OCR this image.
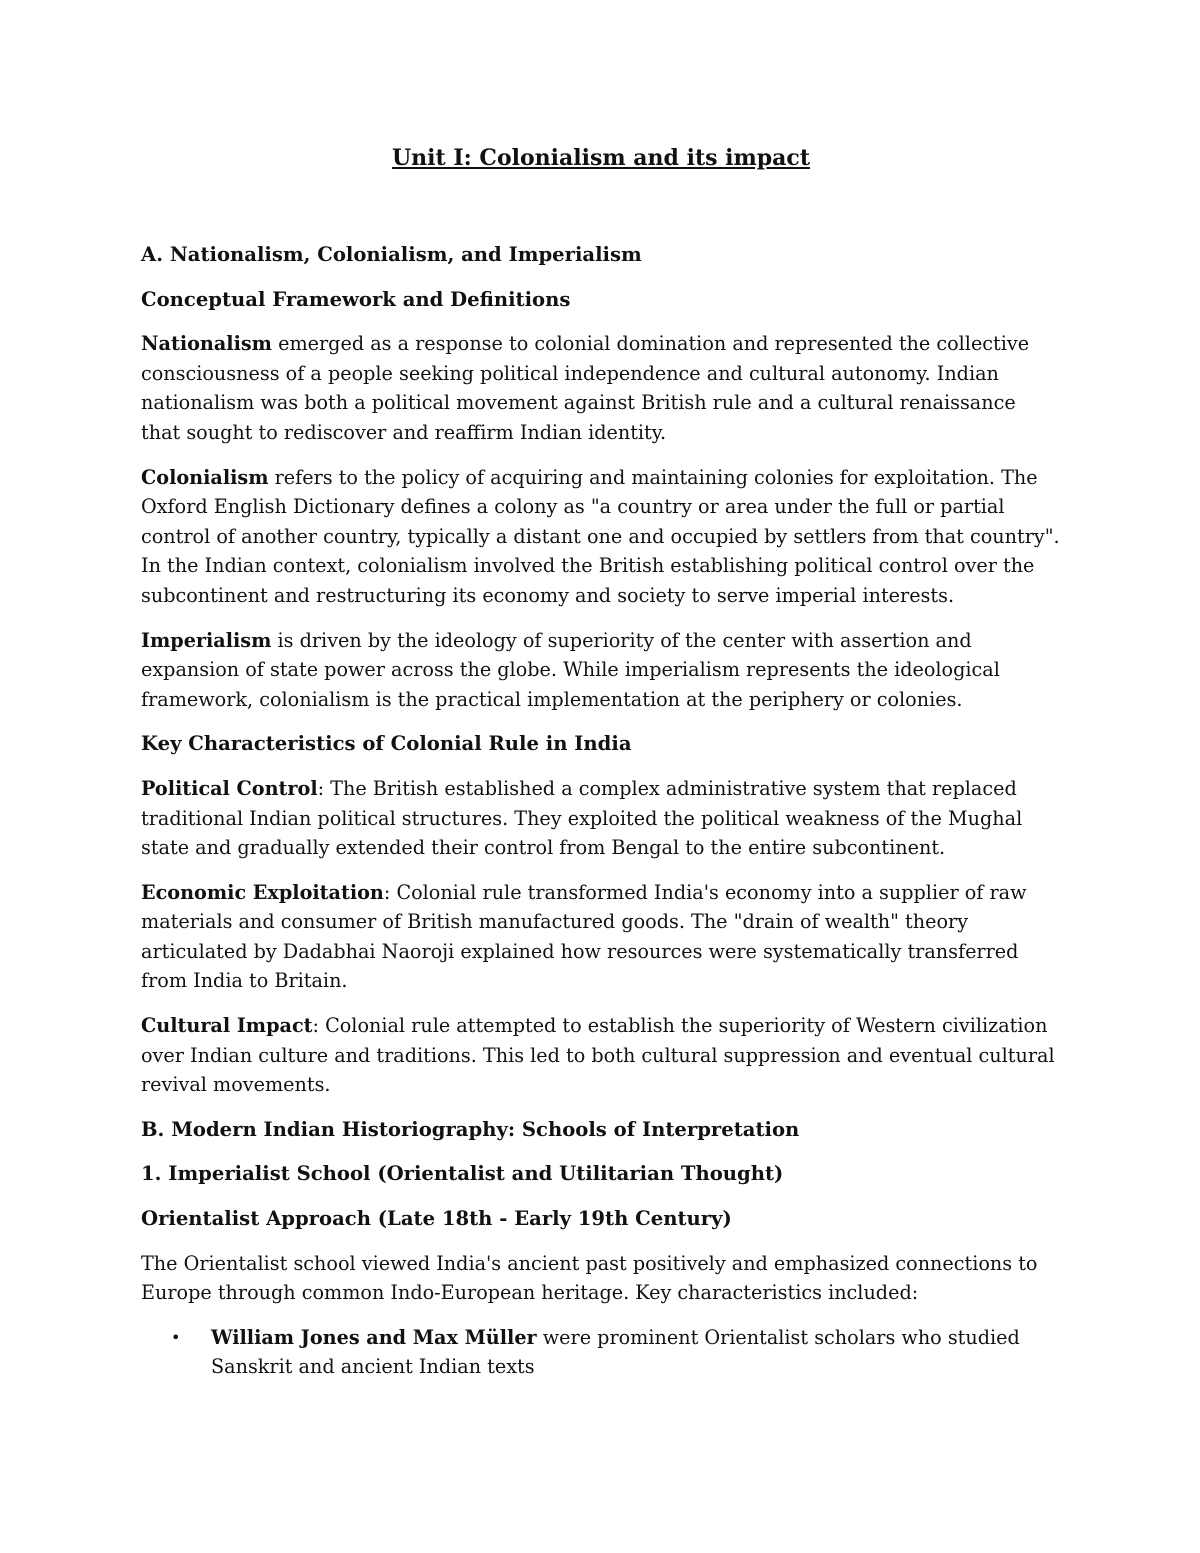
Unit I: Colonialism and its impact
A. Nationalism, Colonialism, and Imperialism
Conceptual Framework and Definitions

Nationalism emerged as a response to colonial domination and represented the collective consciousness of a people seeking political independence and cultural autonomy. Indian nationalism was both a political movement against British rule and a cultural renaissance that sought to rediscover and reaffirm Indian identity.

Colonialism refers to the policy of acquiring and maintaining colonies for exploitation. The Oxford English Dictionary defines a colony as "a country or area under the full or partial control of another country, typically a distant one and occupied by settlers from that country". In the Indian context, colonialism involved the British establishing political control over the subcontinent and restructuring its economy and society to serve imperial interests.

Imperialism is driven by the ideology of superiority of the center with assertion and expansion of state power across the globe. While imperialism represents the ideological framework, colonialism is the practical implementation at the periphery or colonies.

Key Characteristics of Colonial Rule in India

Political Control: The British established a complex administrative system that replaced traditional Indian political structures. They exploited the political weakness of the Mughal state and gradually extended their control from Bengal to the entire subcontinent.

Economic Exploitation: Colonial rule transformed India's economy into a supplier of raw materials and consumer of British manufactured goods. The "drain of wealth" theory articulated by Dadabhai Naoroji explained how resources were systematically transferred from India to Britain.

Cultural Impact: Colonial rule attempted to establish the superiority of Western civilization over Indian culture and traditions. This led to both cultural suppression and eventual cultural revival movements.

B. Modern Indian Historiography: Schools of Interpretation
1. Imperialist School (Orientalist and Utilitarian Thought)
Orientalist Approach (Late 18th - Early 19th Century)

The Orientalist school viewed India's ancient past positively and emphasized connections to Europe through common Indo-European heritage. Key characteristics included:

• William Jones and Max Müller were prominent Orientalist scholars who studied Sanskrit and ancient Indian texts
